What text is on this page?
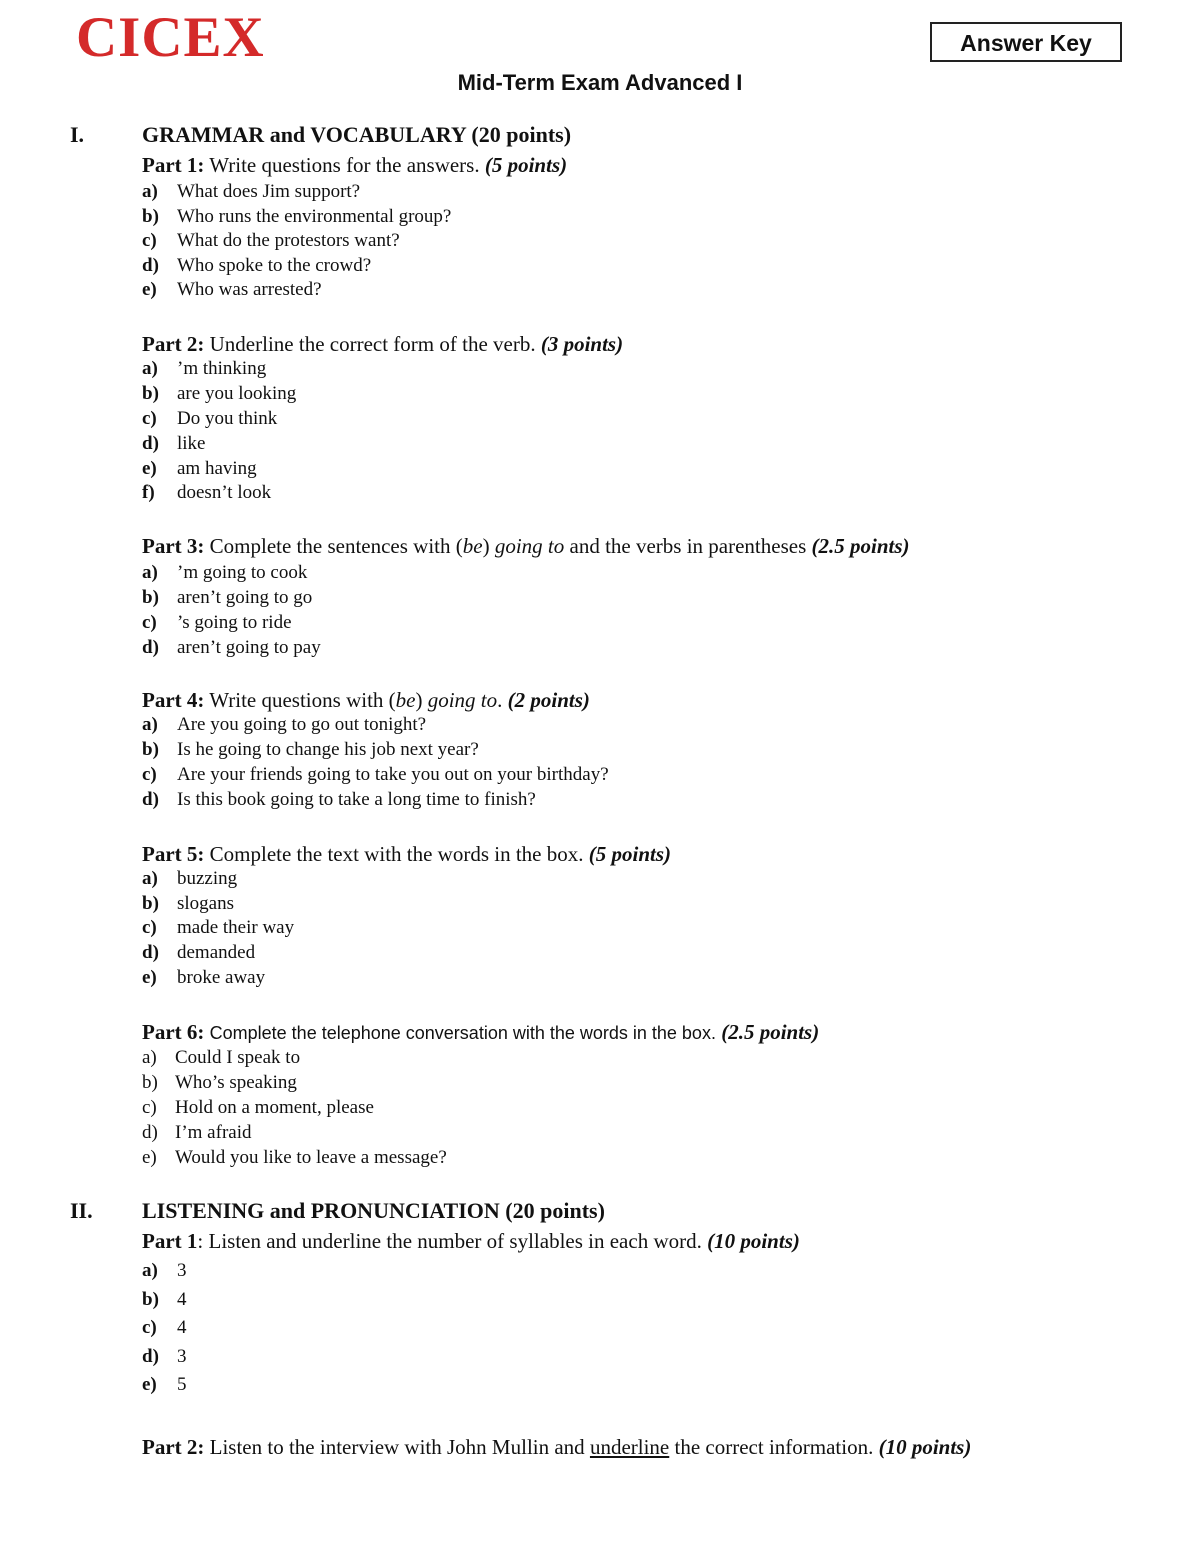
CICEX	Answer Key
Mid-Term Exam Advanced I
I.	GRAMMAR and VOCABULARY (20 points)
Part 1: Write questions for the answers. (5 points)
a)	What does Jim support?
b) Who runs the environmental group?
c)	What do the protestors want?
d) Who spoke to the crowd?
e)	Who was arrested?
Part 2: Underline the correct form of the verb. (3 points)
a)	’m thinking
b) are you looking
c)	Do you think
d) like
e)	am having
f)	doesn’t look
Part 3: Complete the sentences with (be) going to and the verbs in parentheses (2.5 points)
a)	’m going to cook
b) aren’t going to go
c)	’s going to ride
d) aren’t going to pay
Part 4: Write questions with (be) going to. (2 points)
a)	Are you going to go out tonight?
b) Is he going to change his job next year?
c)	Are your friends going to take you out on your birthday?
d) Is this book going to take a long time to finish?
Part 5: Complete the text with the words in the box. (5 points)
a)	buzzing
b) slogans
c)	made their way
d) demanded
e)	broke away
Part 6: Complete the telephone conversation with the words in the box. (2.5 points)
a) Could I speak to
b) Who’s speaking
c) Hold on a moment, please
d) I’m afraid
e) Would you like to leave a message?
II. LISTENING and PRONUNCIATION (20 points)
Part 1: Listen and underline the number of syllables in each word. (10 points)
a)	3
b) 4
c)	4
d) 3
e)	5
Part 2: Listen to the interview with John Mullin and underline the correct information. (10 points)
